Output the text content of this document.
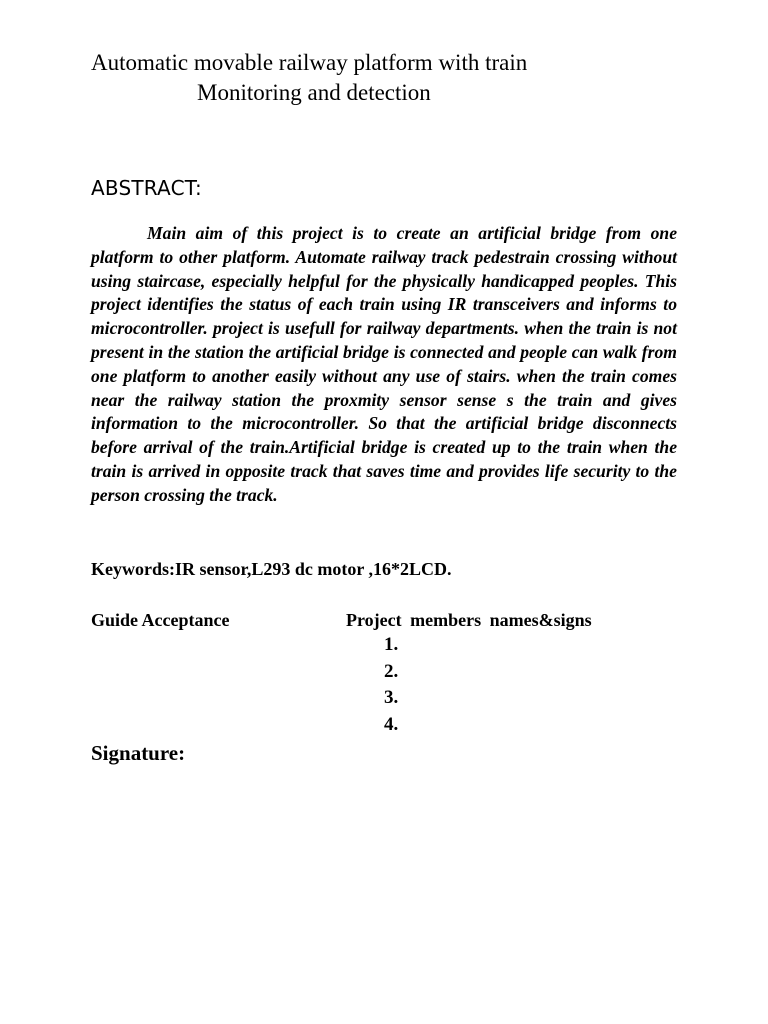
Automatic movable railway platform with train
Monitoring and detection
ABSTRACT:

Main aim of this project is to create an artificial bridge from one platform to other platform. Automate railway track pedestrain crossing without using staircase, especially helpful for the physically handicapped peoples. This project identifies the status of each train using IR transceivers and informs to microcontroller. project is usefull for railway departments. when the train is not present in the station the artificial bridge is connected and people can walk from one platform to another easily without any use of stairs. when the train comes near the railway station the proxmity sensor sense s the train and gives information to the microcontroller. So that the artificial bridge disconnects before arrival of the train.Artificial bridge is created up to the train when the train is arrived in opposite track that saves time and provides life security to the person crossing the track.

Keywords:IR sensor,L293 dc motor ,16*2LCD.

Guide Acceptance	Project members names&signs
1.
2.
3.
4.

Signature:
